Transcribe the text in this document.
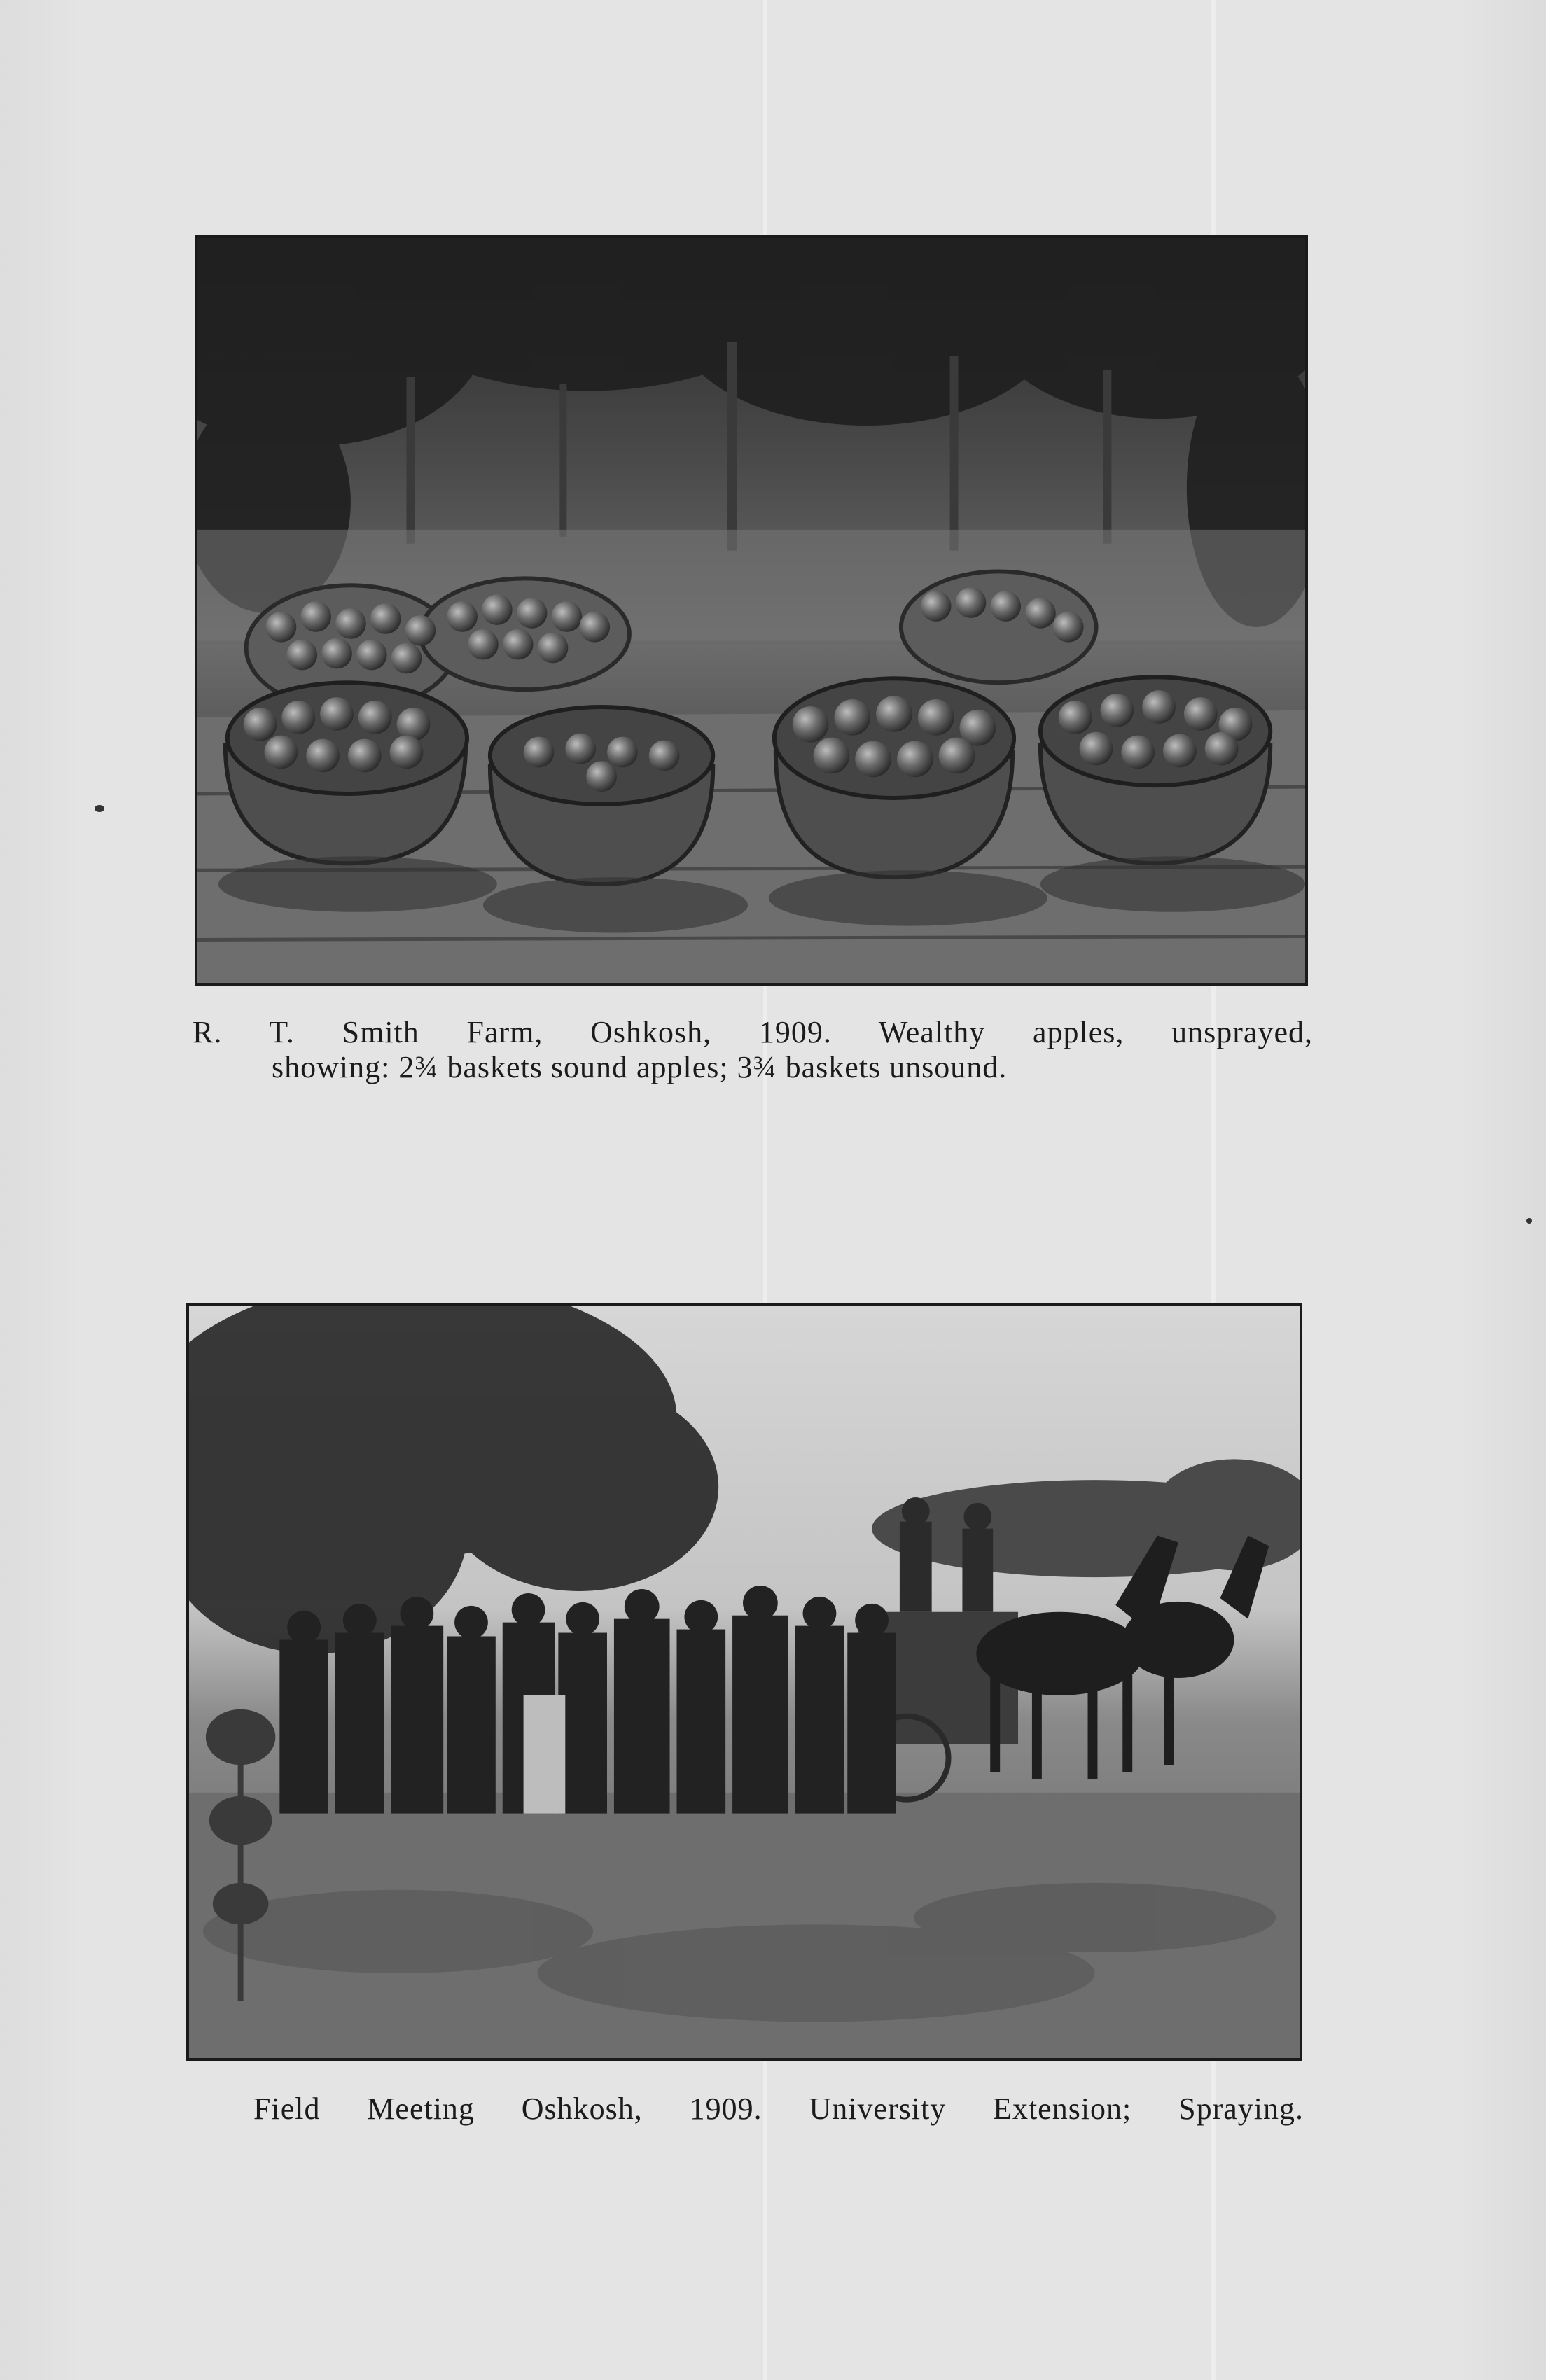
R. T. Smith Farm, Oshkosh, 1909. Wealthy apples, unsprayed,
showing: 2¾ baskets sound apples; 3¾ baskets unsound.
Field Meeting Oshkosh, 1909. University Extension; Spraying.
